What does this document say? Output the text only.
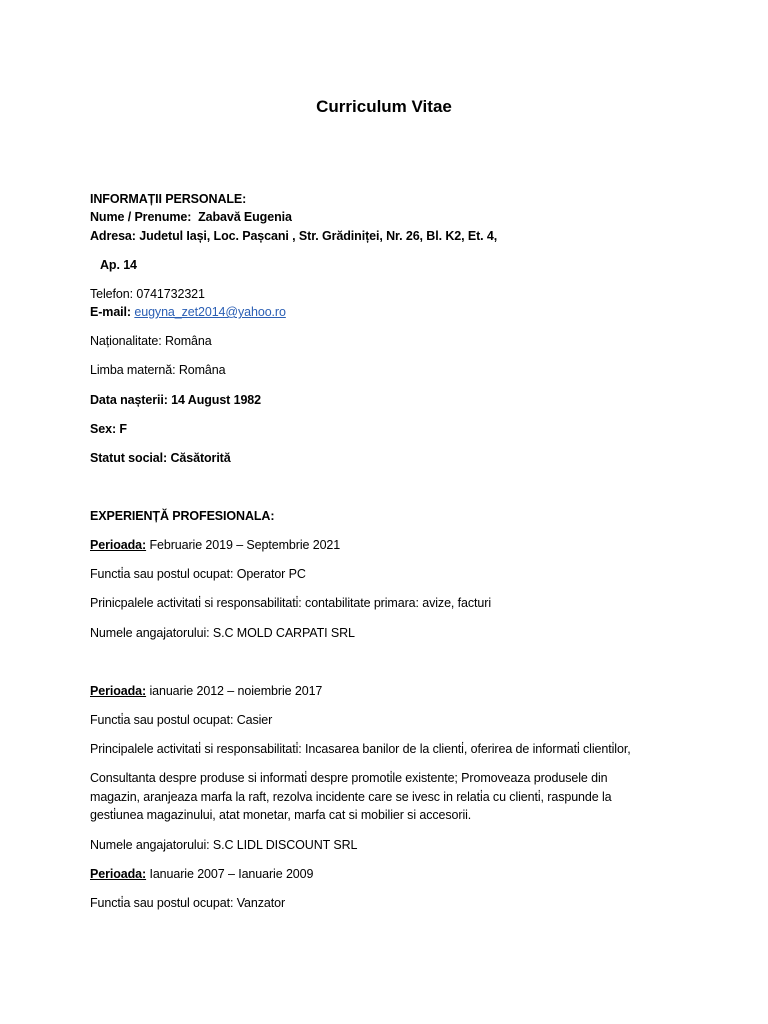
Curriculum Vitae
INFORMAȚII PERSONALE:
Nume / Prenume: Zabavă Eugenia
Adresa: Judetul Iași, Loc. Pașcani , Str. Grădiniței, Nr. 26, Bl. K2, Et. 4,
Ap. 14
Telefon: 0741732321
E-mail: eugyna_zet2014@yahoo.ro
Naționalitate: Româna
Limba maternă: Româna
Data nașterii: 14 August 1982
Sex: F
Statut social: Căsătorită
EXPERIENȚĂ PROFESIONALA:
Perioada: Februarie 2019 – Septembrie 2021
Functi̇a sau postul ocupat: Operator PC
Prinicpalele activitati̇ si responsabilitati̇: contabilitate primara: avize, facturi
Numele angajatorului: S.C MOLD CARPATI SRL
Perioada: ianuarie 2012 – noiembrie 2017
Functi̇a sau postul ocupat: Casier
Principalele activitati̇ si responsabilitati̇: Incasarea banilor de la clienti̇, oferirea de informati̇ clienti̇lor,
Consultanta despre produse si informati̇ despre promoti̇le existente; Promoveaza produsele din
magazin, aranjeaza marfa la raft, rezolva incidente care se ivesc in relati̇a cu clienti̇, raspunde la
gesti̇unea magazinului, atat monetar, marfa cat si mobilier si accesorii.
Numele angajatorului: S.C LIDL DISCOUNT SRL
Perioada: Ianuarie 2007 – Ianuarie 2009
Functi̇a sau postul ocupat: Vanzator
